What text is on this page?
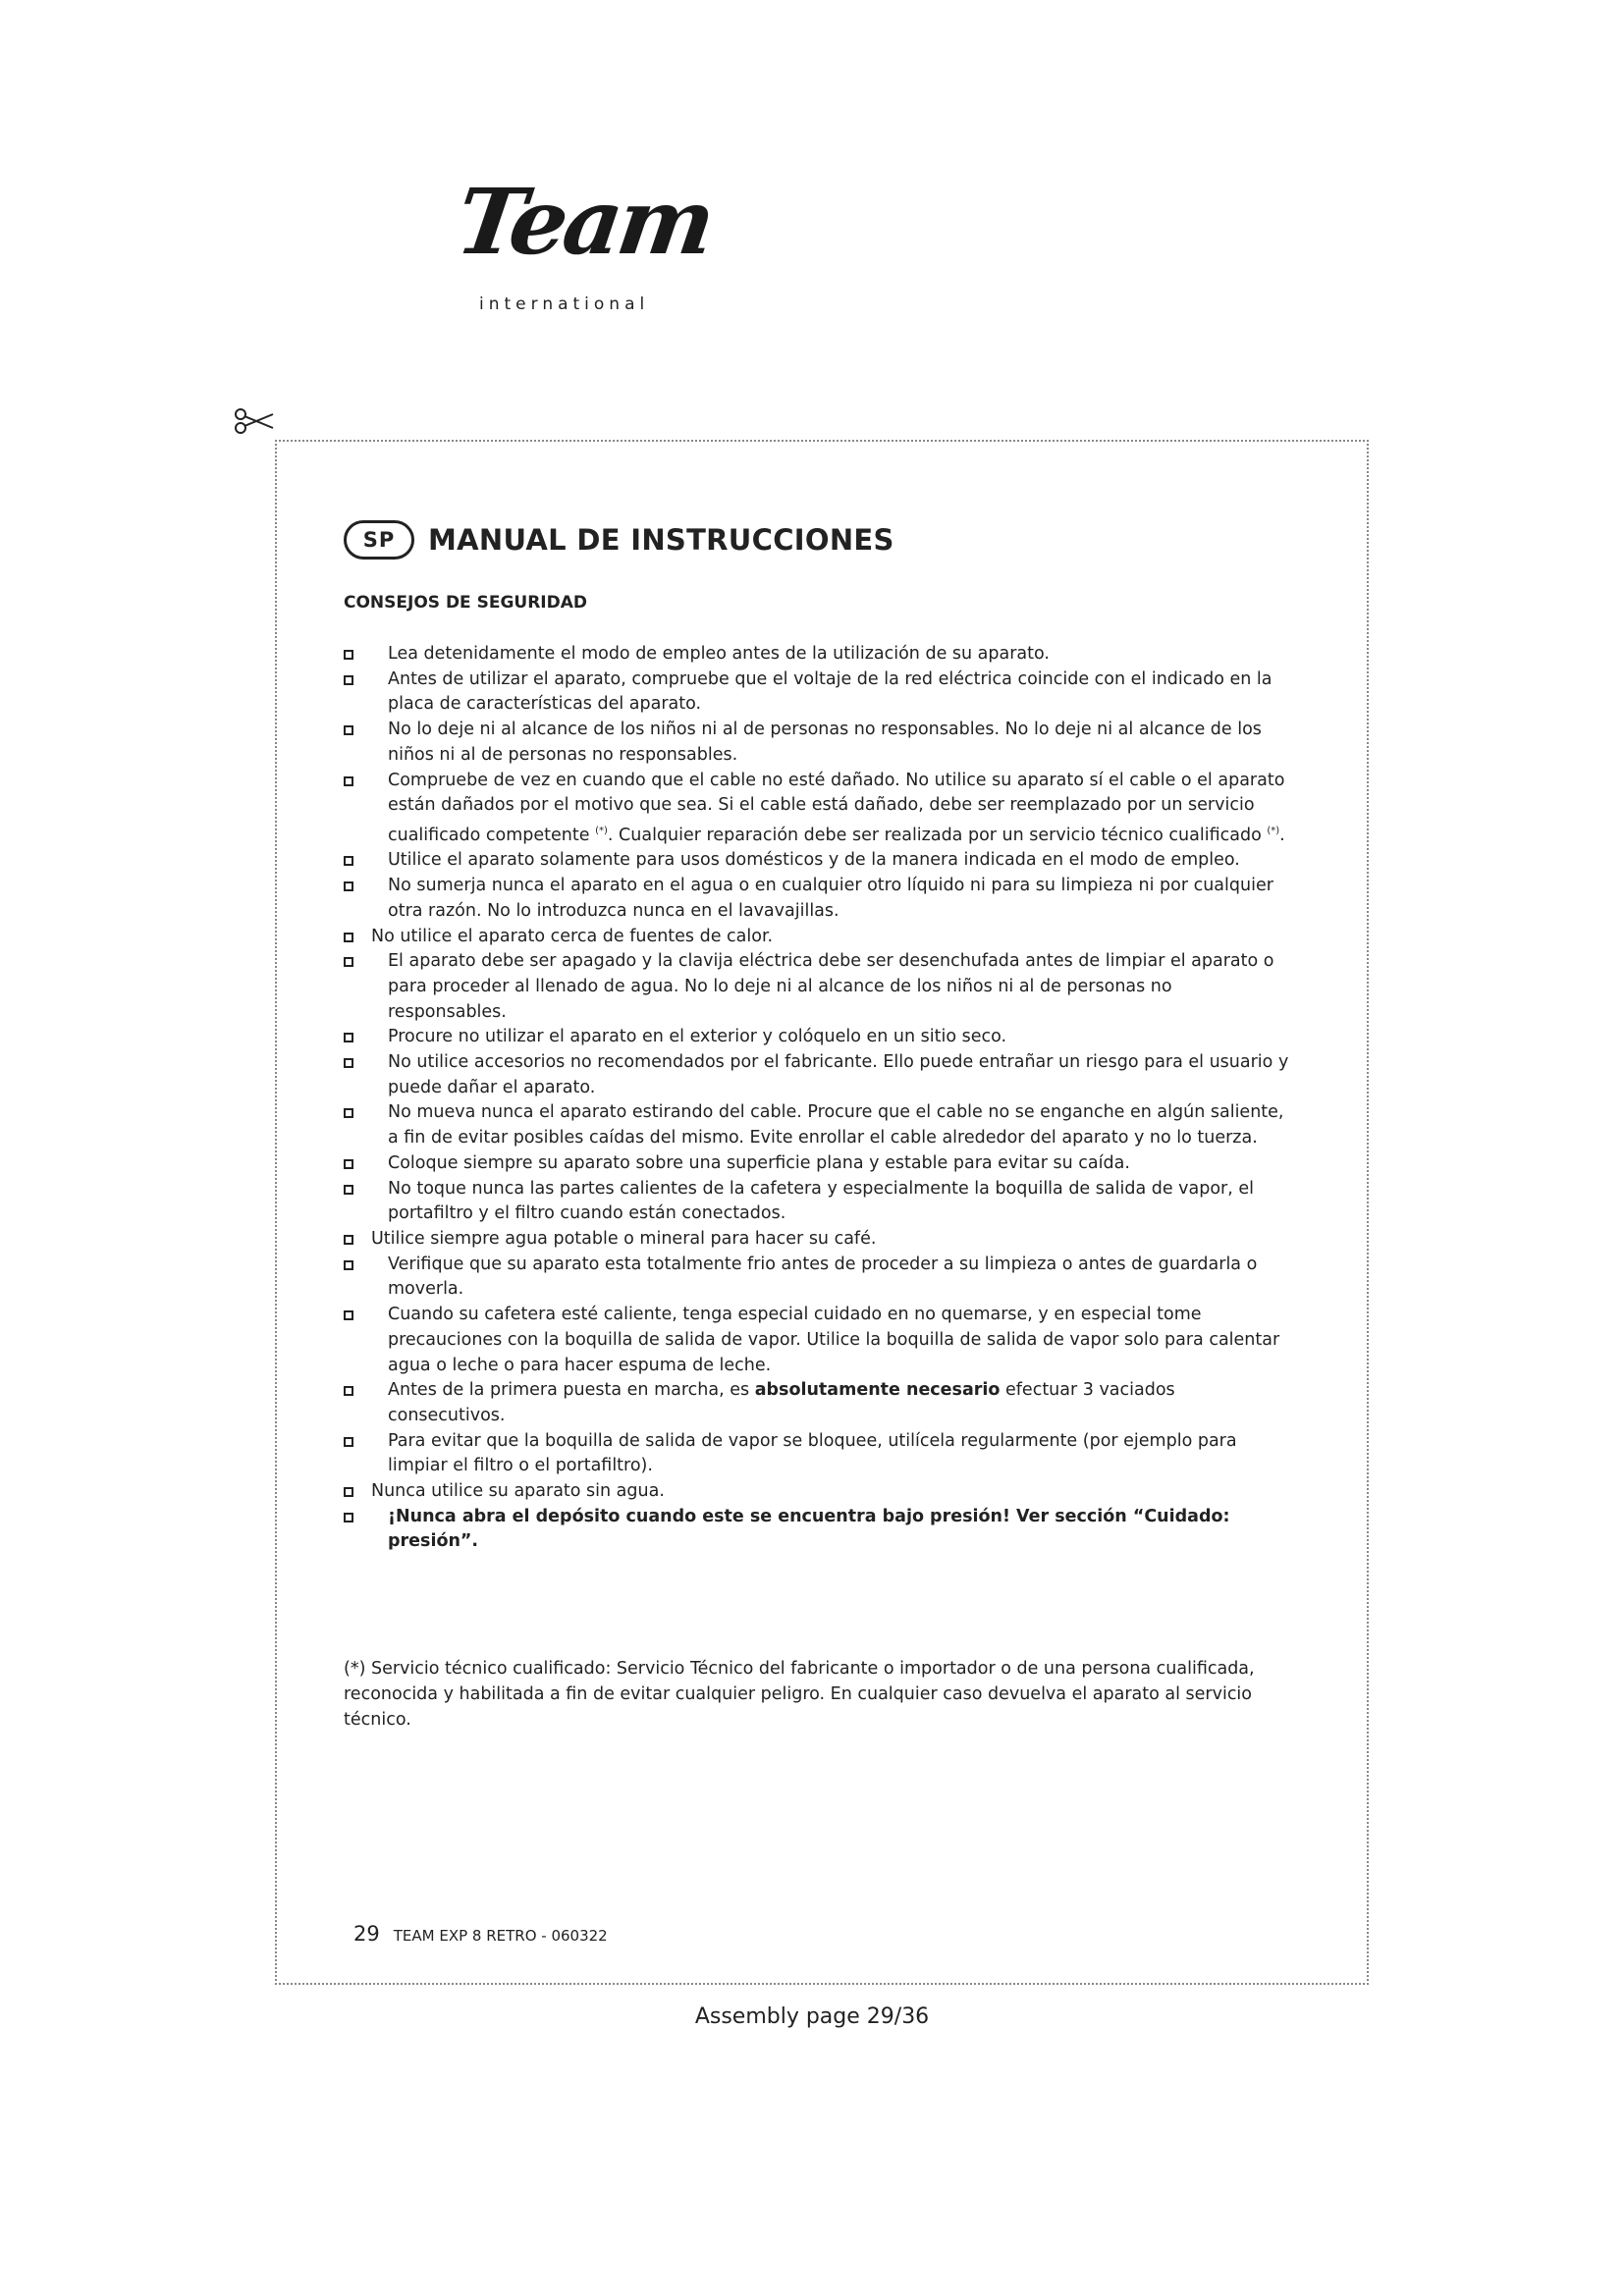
Team
international
SP	MANUAL DE INSTRUCCIONES
CONSEJOS DE SEGURIDAD
Lea detenidamente el modo de empleo antes de la utilización de su aparato.
Antes de utilizar el aparato, compruebe que el voltaje de la red eléctrica coincide con el indicado en la placa de características del aparato.
No lo deje ni al alcance de los niños ni al de personas no responsables. No lo deje ni al alcance de los niños ni al de personas no responsables.
Compruebe de vez en cuando que el cable no esté dañado. No utilice su aparato sí el cable o el aparato están dañados por el motivo que sea. Si el cable está dañado, debe ser reemplazado por un servicio cualificado competente (*). Cualquier reparación debe ser realizada por un servicio técnico cualificado (*).
Utilice el aparato solamente para usos domésticos y de la manera indicada en el modo de empleo.
No sumerja nunca el aparato en el agua o en cualquier otro líquido ni para su limpieza ni por cualquier otra razón. No lo introduzca nunca en el lavavajillas.
No utilice el aparato cerca de fuentes de calor.
El aparato debe ser apagado y la clavija eléctrica debe ser desenchufada antes de limpiar el aparato o para proceder al llenado de agua. No lo deje ni al alcance de los niños ni al de personas no responsables.
Procure no utilizar el aparato en el exterior y colóquelo en un sitio seco.
No utilice accesorios no recomendados por el fabricante. Ello puede entrañar un riesgo para el usuario y puede dañar el aparato.
No mueva nunca el aparato estirando del cable. Procure que el cable no se enganche en algún saliente, a fin de evitar posibles caídas del mismo. Evite enrollar el cable alrededor del aparato y no lo tuerza.
Coloque siempre su aparato sobre una superficie plana y estable para evitar su caída.
No toque nunca las partes calientes de la cafetera y especialmente la boquilla de salida de vapor, el portafiltro y el filtro cuando están conectados.
Utilice siempre agua potable o mineral para hacer su café.
Verifique que su aparato esta totalmente frio antes de proceder a su limpieza o antes de guardarla o moverla.
Cuando su cafetera esté caliente, tenga especial cuidado en no quemarse, y en especial tome precauciones con la boquilla de salida de vapor. Utilice la boquilla de salida de vapor solo para calentar agua o leche o para hacer espuma de leche.
Antes de la primera puesta en marcha, es absolutamente necesario efectuar 3 vaciados consecutivos.
Para evitar que la boquilla de salida de vapor se bloquee, utilícela regularmente (por ejemplo para limpiar el filtro o el portafiltro).
Nunca utilice su aparato sin agua.
¡Nunca abra el depósito cuando este se encuentra bajo presión! Ver sección “Cuidado: presión”.
(*) Servicio técnico cualificado: Servicio Técnico del fabricante o importador o de una persona cualificada, reconocida y habilitada a fin de evitar cualquier peligro. En cualquier caso devuelva el aparato al servicio técnico.
29 TEAM EXP 8 RETRO - 060322
Assembly page 29/36
